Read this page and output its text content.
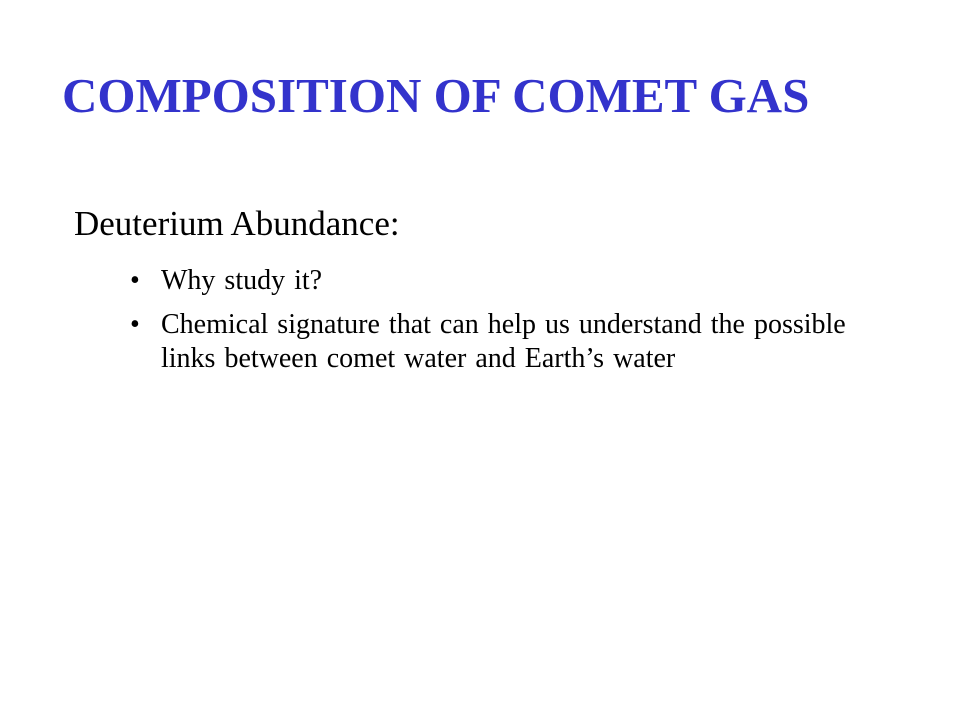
COMPOSITION OF COMET GAS
Deuterium Abundance:
• Why study it?
• Chemical signature that can help us understand the possible links between comet water and Earth’s water
